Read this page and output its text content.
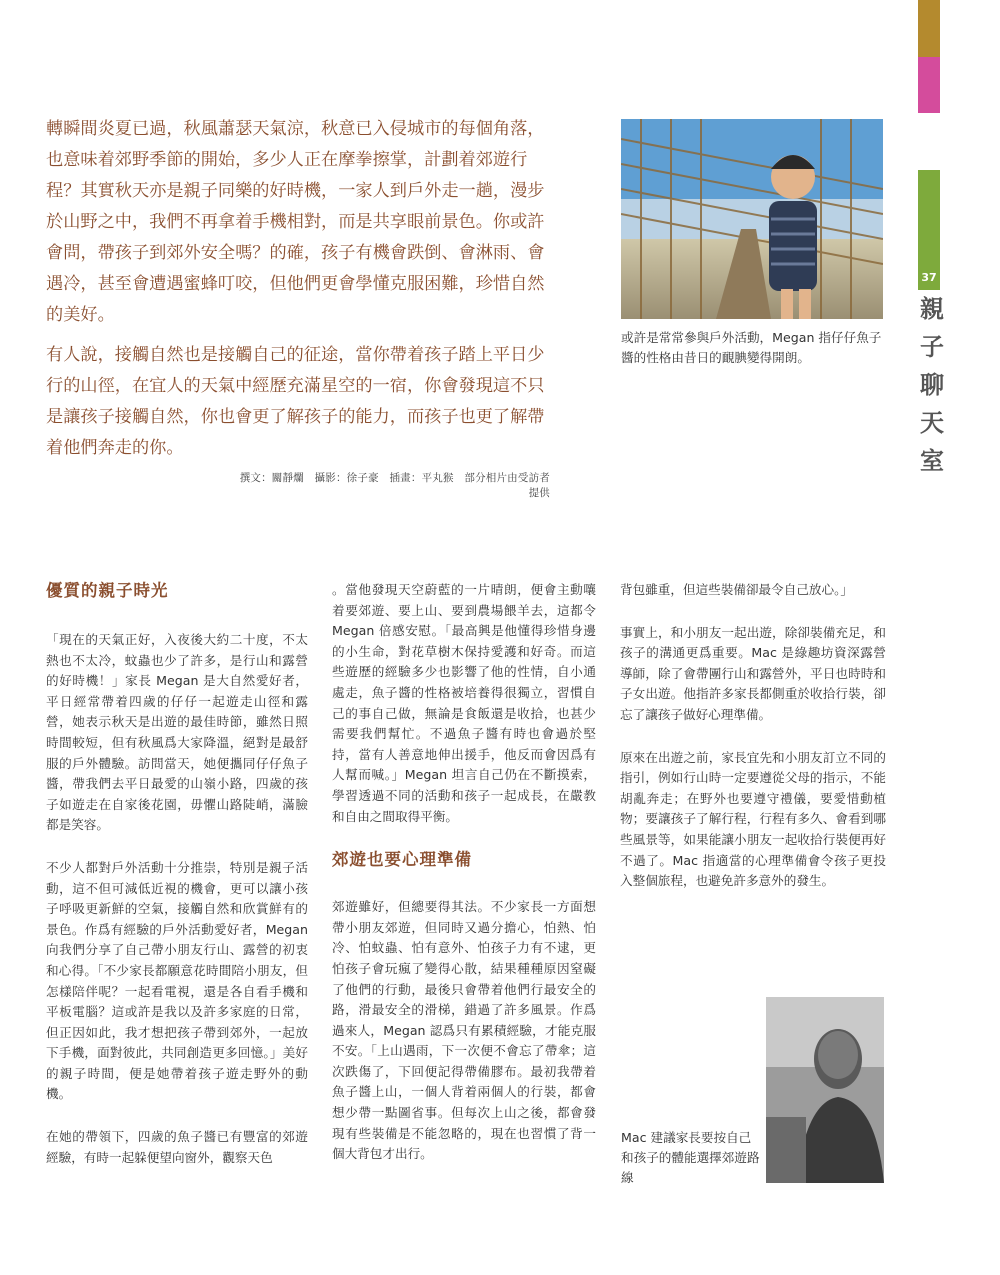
轉瞬間炎夏已過，秋風蕭瑟天氣涼，秋意已入侵城市的每個角落，也意味着郊野季節的開始，多少人正在摩拳擦掌，計劃着郊遊行程？其實秋天亦是親子同樂的好時機，一家人到戶外走一趟，漫步於山野之中，我們不再拿着手機相對，而是共享眼前景色。你或許會問，帶孩子到郊外安全嗎？的確，孩子有機會跌倒、會淋雨、會遇冷，甚至會遭遇蜜蜂叮咬，但他們更會學懂克服困難，珍惜自然的美好。

有人說，接觸自然也是接觸自己的征途，當你帶着孩子踏上平日少行的山徑，在宜人的天氣中經歷充滿星空的一宿，你會發現這不只是讓孩子接觸自然，你也會更了解孩子的能力，而孩子也更了解帶着他們奔走的你。

撰文：關靜爛　攝影：徐子豪　插畫：平丸猴　部分相片由受訪者提供
或許是常常參與戶外活動，Megan 指仔仔魚子醬的性格由昔日的靦腆變得開朗。
優質的親子時光

「現在的天氣正好，入夜後大約二十度，不太熱也不太冷，蚊蟲也少了許多，是行山和露營的好時機！」家長 Megan 是大自然愛好者，平日經常帶着四歲的仔仔一起遊走山徑和露營，她表示秋天是出遊的最佳時節，雖然日照時間較短，但有秋風爲大家降溫，絕對是最舒服的戶外體驗。訪問當天，她便攜同仔仔魚子醬，帶我們去平日最愛的山嶺小路，四歲的孩子如遊走在自家後花園，毋懼山路陡峭，滿臉都是笑容。

不少人都對戶外活動十分推崇，特別是親子活動，這不但可減低近視的機會，更可以讓小孩子呼吸更新鮮的空氣，接觸自然和欣賞鮮有的景色。作爲有經驗的戶外活動愛好者，Megan 向我們分享了自己帶小朋友行山、露營的初衷和心得。「不少家長都願意花時間陪小朋友，但怎樣陪伴呢？一起看電視，還是各自看手機和平板電腦？這或許是我以及許多家庭的日常，但正因如此，我才想把孩子帶到郊外，一起放下手機，面對彼此，共同創造更多回憶。」美好的親子時間，便是她帶着孩子遊走野外的動機。

在她的帶領下，四歲的魚子醬已有豐富的郊遊經驗，有時一起躲便望向窗外，觀察天色

。當他發現天空蔚藍的一片晴朗，便會主動嚷着要郊遊、要上山、要到農場餵羊去，這都令 Megan 倍感安慰。「最高興是他懂得珍惜身邊的小生命，對花草樹木保持愛護和好奇。而這些遊歷的經驗多少也影響了他的性情，自小通處走，魚子醬的性格被培養得很獨立，習慣自己的事自己做，無論是食飯還是收拾，也甚少需要我們幫忙。不過魚子醬有時也會過於堅持，當有人善意地伸出援手，他反而會因爲有人幫而喊。」Megan 坦言自己仍在不斷摸索，學習透過不同的活動和孩子一起成長，在嚴教和自由之間取得平衡。

郊遊也要心理準備

郊遊雖好，但總要得其法。不少家長一方面想帶小朋友郊遊，但同時又過分擔心，怕熱、怕冷、怕蚊蟲、怕有意外、怕孩子力有不逮，更怕孩子會玩瘋了變得心散，結果種種原因窒礙了他們的行動，最後只會帶着他們行最安全的路，滑最安全的滑梯，錯過了許多風景。作爲過來人，Megan 認爲只有累積經驗，才能克服不安。「上山遇雨，下一次便不會忘了帶傘；這次跌傷了，下回便記得帶備膠布。最初我帶着魚子醬上山，一個人背着兩個人的行裝，都會想少帶一點圖省事。但每次上山之後，都會發現有些裝備是不能忽略的，現在也習慣了背一個大背包才出行。

背包雖重，但這些裝備卻最令自己放心。」

事實上，和小朋友一起出遊，除卻裝備充足，和孩子的溝通更爲重要。Mac 是綠趣坊資深露營導師，除了會帶團行山和露營外，平日也時時和子女出遊。他指許多家長都側重於收拾行裝，卻忘了讓孩子做好心理準備。

原來在出遊之前，家長宜先和小朋友訂立不同的指引，例如行山時一定要遵從父母的指示，不能胡亂奔走；在野外也要遵守禮儀，要愛惜動植物；要讓孩子了解行程，行程有多久、會看到哪些風景等，如果能讓小朋友一起收拾行裝便再好不過了。Mac 指適當的心理準備會令孩子更投入整個旅程，也避免許多意外的發生。

Mac 建議家長要按自己和孩子的體能選擇郊遊路線
37
親
子
聊
天
室
